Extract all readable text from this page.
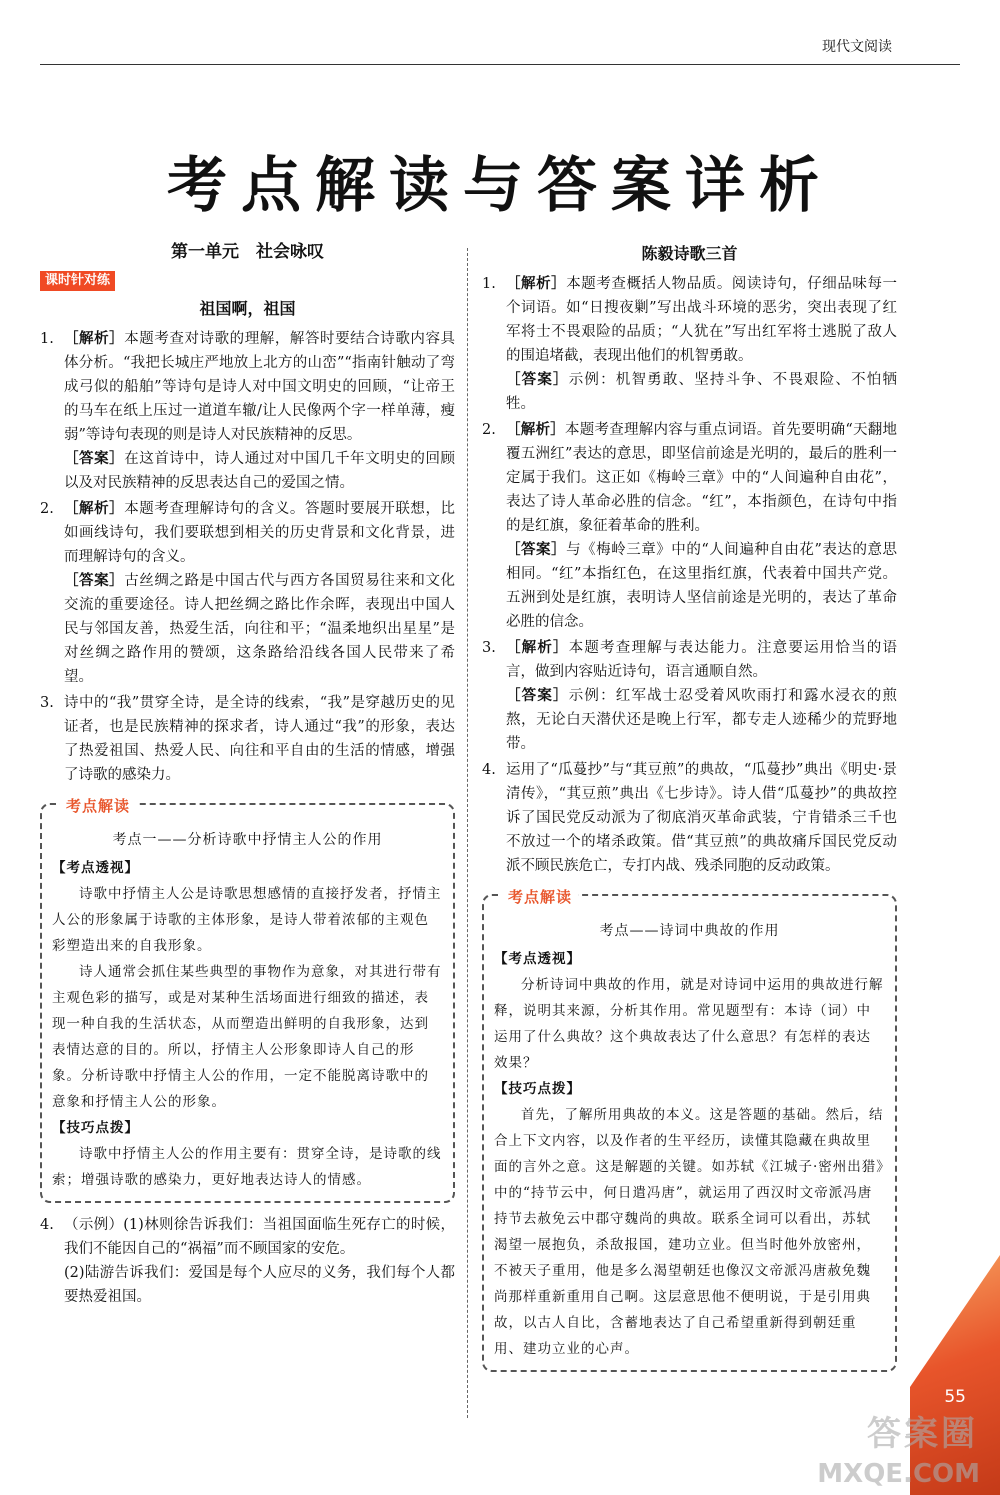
现代文阅读
考点解读与答案详析
第一单元　社会咏叹
课时针对练
祖国啊，祖国
1. ［解析］本题考查对诗歌的理解，解答时要结合诗歌内容具体分析。“我把长城庄严地放上北方的山峦”“指南针触动了弯成弓似的船舶”等诗句是诗人对中国文明史的回顾，“让帝王的马车在纸上压过一道道车辙/让人民像两个字一样单薄，瘦弱”等诗句表现的则是诗人对民族精神的反思。

［答案］在这首诗中，诗人通过对中国几千年文明史的回顾以及对民族精神的反思表达自己的爱国之情。

2. ［解析］本题考查理解诗句的含义。答题时要展开联想，比如画线诗句，我们要联想到相关的历史背景和文化背景，进而理解诗句的含义。

［答案］古丝绸之路是中国古代与西方各国贸易往来和文化交流的重要途径。诗人把丝绸之路比作余晖，表现出中国人民与邻国友善，热爱生活，向往和平；“温柔地织出星星”是对丝绸之路作用的赞颂，这条路给沿线各国人民带来了希望。

3. 诗中的“我”贯穿全诗，是全诗的线索，“我”是穿越历史的见证者，也是民族精神的探求者，诗人通过“我”的形象，表达了热爱祖国、热爱人民、向往和平自由的生活的情感，增强了诗歌的感染力。

考点解读
考点一——分析诗歌中抒情主人公的作用
【考点透视】

诗歌中抒情主人公是诗歌思想感情的直接抒发者，抒情主人公的形象属于诗歌的主体形象，是诗人带着浓郁的主观色彩塑造出来的自我形象。

诗人通常会抓住某些典型的事物作为意象，对其进行带有主观色彩的描写，或是对某种生活场面进行细致的描述，表现一种自我的生活状态，从而塑造出鲜明的自我形象，达到表情达意的目的。所以，抒情主人公形象即诗人自己的形象。分析诗歌中抒情主人公的作用，一定不能脱离诗歌中的意象和抒情主人公的形象。

【技巧点拨】

诗歌中抒情主人公的作用主要有：贯穿全诗，是诗歌的线索；增强诗歌的感染力，更好地表达诗人的情感。

4. （示例）(1)林则徐告诉我们：当祖国面临生死存亡的时候，我们不能因自己的“祸福”而不顾国家的安危。

(2)陆游告诉我们：爱国是每个人应尽的义务，我们每个人都要热爱祖国。

陈毅诗歌三首
1. ［解析］本题考查概括人物品质。阅读诗句，仔细品味每一个词语。如“日搜夜剿”写出战斗环境的恶劣，突出表现了红军将士不畏艰险的品质；“人犹在”写出红军将士逃脱了敌人的围追堵截，表现出他们的机智勇敢。

［答案］示例：机智勇敢、坚持斗争、不畏艰险、不怕牺牲。

2. ［解析］本题考查理解内容与重点词语。首先要明确“天翻地覆五洲红”表达的意思，即坚信前途是光明的，最后的胜利一定属于我们。这正如《梅岭三章》中的“人间遍种自由花”，表达了诗人革命必胜的信念。“红”，本指颜色，在诗句中指的是红旗，象征着革命的胜利。

［答案］与《梅岭三章》中的“人间遍种自由花”表达的意思相同。“红”本指红色，在这里指红旗，代表着中国共产党。五洲到处是红旗，表明诗人坚信前途是光明的，表达了革命必胜的信念。

3. ［解析］本题考查理解与表达能力。注意要运用恰当的语言，做到内容贴近诗句，语言通顺自然。

［答案］示例：红军战士忍受着风吹雨打和露水浸衣的煎熬，无论白天潜伏还是晚上行军，都专走人迹稀少的荒野地带。

4. 运用了“瓜蔓抄”与“萁豆煎”的典故，“瓜蔓抄”典出《明史·景清传》，“萁豆煎”典出《七步诗》。诗人借“瓜蔓抄”的典故控诉了国民党反动派为了彻底消灭革命武装，宁肯错杀三千也不放过一个的堵杀政策。借“萁豆煎”的典故痛斥国民党反动派不顾民族危亡，专打内战、残杀同胞的反动政策。

考点解读
考点——诗词中典故的作用
【考点透视】

分析诗词中典故的作用，就是对诗词中运用的典故进行解释，说明其来源，分析其作用。常见题型有：本诗（词）中运用了什么典故？这个典故表达了什么意思？有怎样的表达效果？

【技巧点拨】

首先，了解所用典故的本义。这是答题的基础。然后，结合上下文内容，以及作者的生平经历，读懂其隐藏在典故里面的言外之意。这是解题的关键。如苏轼《江城子·密州出猎》中的“持节云中，何日遣冯唐”，就运用了西汉时文帝派冯唐持节去赦免云中郡守魏尚的典故。联系全词可以看出，苏轼渴望一展抱负，杀敌报国，建功立业。但当时他外放密州，不被天子重用，他是多么渴望朝廷也像汉文帝派冯唐赦免魏尚那样重新重用自己啊。这层意思他不便明说，于是引用典故，以古人自比，含蓄地表达了自己希望重新得到朝廷重用、建功立业的心声。

55
答案圈
MXQE.COM
